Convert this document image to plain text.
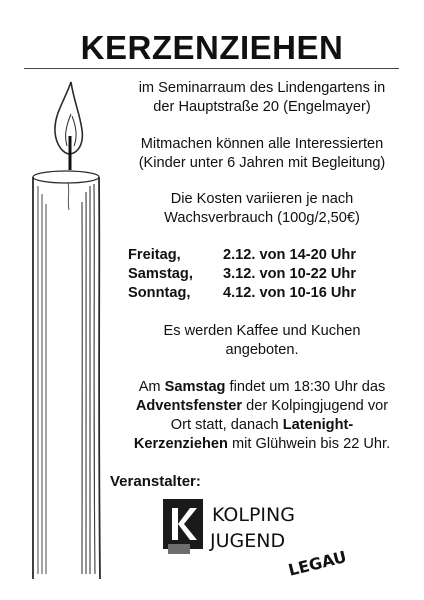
KERZENZIEHEN
im Seminarraum des Lindengartens in
der Hauptstraße 20 (Engelmayer)
Mitmachen können alle Interessierten
(Kinder unter 6 Jahren mit Begleitung)
Die Kosten variieren je nach
Wachsverbrauch (100g/2,50€)
Freitag,	2.12. von 14-20 Uhr
Samstag, 3.12. von 10-22 Uhr
Sonntag, 4.12. von 10-16 Uhr
Es werden Kaffee und Kuchen
angeboten.
Am Samstag findet um 18:30 Uhr das
Adventsfenster der Kolpingjugend vor
Ort statt, danach Latenight-
Kerzenziehen mit Glühwein bis 22 Uhr.
Veranstalter:
KOLPING
JUGEND
LEGAU
